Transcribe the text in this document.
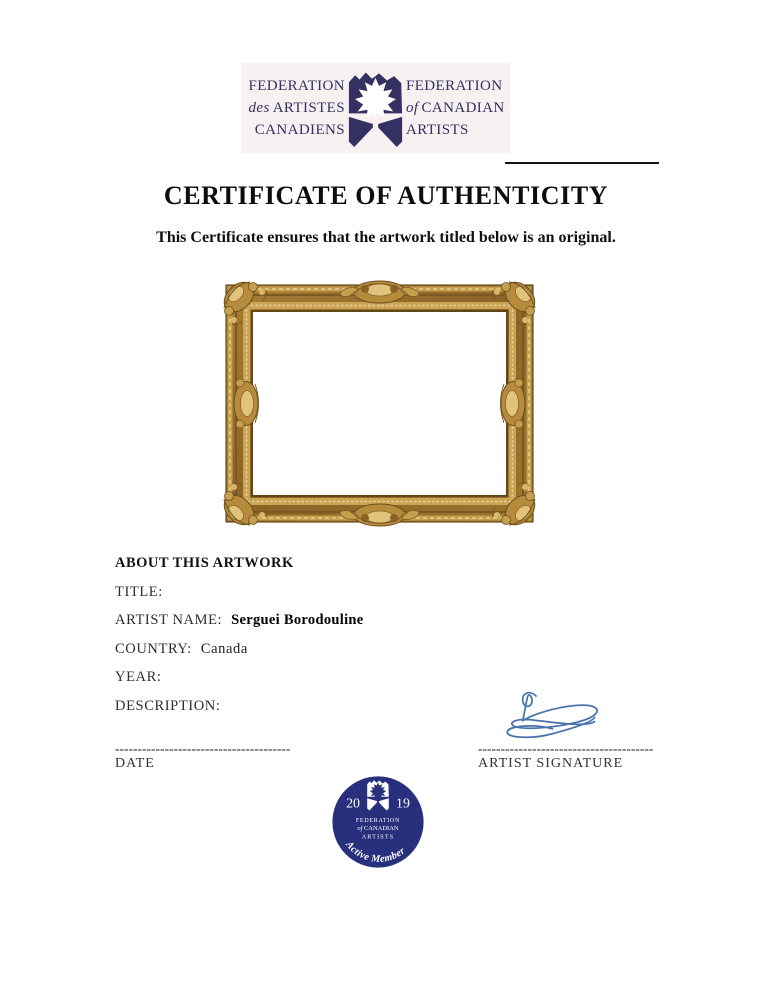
FEDERATION
des ARTISTES
CANADIENS
FEDERATION
of CANADIAN
ARTISTS
CERTIFICATE OF AUTHENTICITY
This Certificate ensures that the artwork titled below is an original.
ABOUT THIS ARTWORK
TITLE:
ARTIST NAME: Serguei Borodouline
COUNTRY: Canada
YEAR:
DESCRIPTION:
---------------------------------------
DATE
---------------------------------------
ARTIST SIGNATURE
20 19
FEDERATION
ofCANADIAN
ARTISTS
Active Member
